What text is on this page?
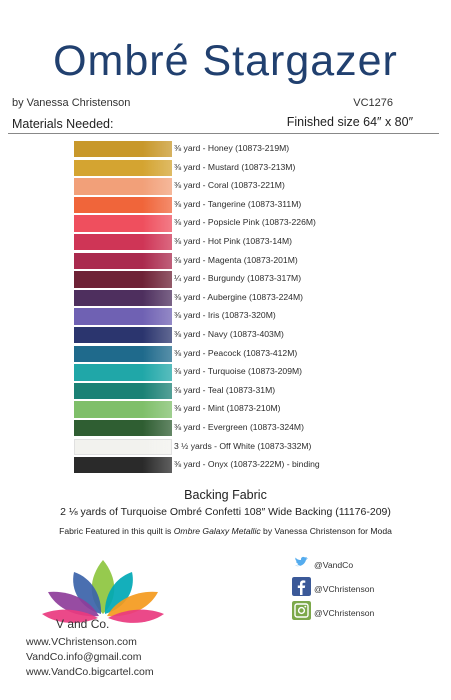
Ombré Stargazer
by Vanessa Christenson	VC1276
Materials Needed:	Finished size 64″ x 80″
⅜ yard - Honey (10873-219M)
⅜ yard - Mustard (10873-213M)
⅜ yard - Coral (10873-221M)
⅜ yard - Tangerine (10873-311M)
⅜ yard - Popsicle Pink (10873-226M)
⅜ yard - Hot Pink (10873-14M)
⅜ yard - Magenta (10873-201M)
¼ yard - Burgundy (10873-317M)
⅜ yard - Aubergine (10873-224M)
⅜ yard - Iris (10873-320M)
⅜ yard - Navy (10873-403M)
⅜ yard - Peacock (10873-412M)
⅜ yard - Turquoise (10873-209M)
⅜ yard - Teal (10873-31M)
⅜ yard - Mint (10873-210M)
⅜ yard - Evergreen (10873-324M)
3 ½ yards - Off White (10873-332M)
⅜ yard - Onyx (10873-222M) - binding
Backing Fabric
2 ⅛ yards of Turquoise Ombré Confetti 108″ Wide Backing (11176-209)
Fabric Featured in this quilt is Ombre Galaxy Metallic by Vanessa Christenson for Moda
V and Co.
www.VChristenson.com
VandCo.info@gmail.com
www.VandCo.bigcartel.com
@VandCo
@VChristenson
@VChristenson
